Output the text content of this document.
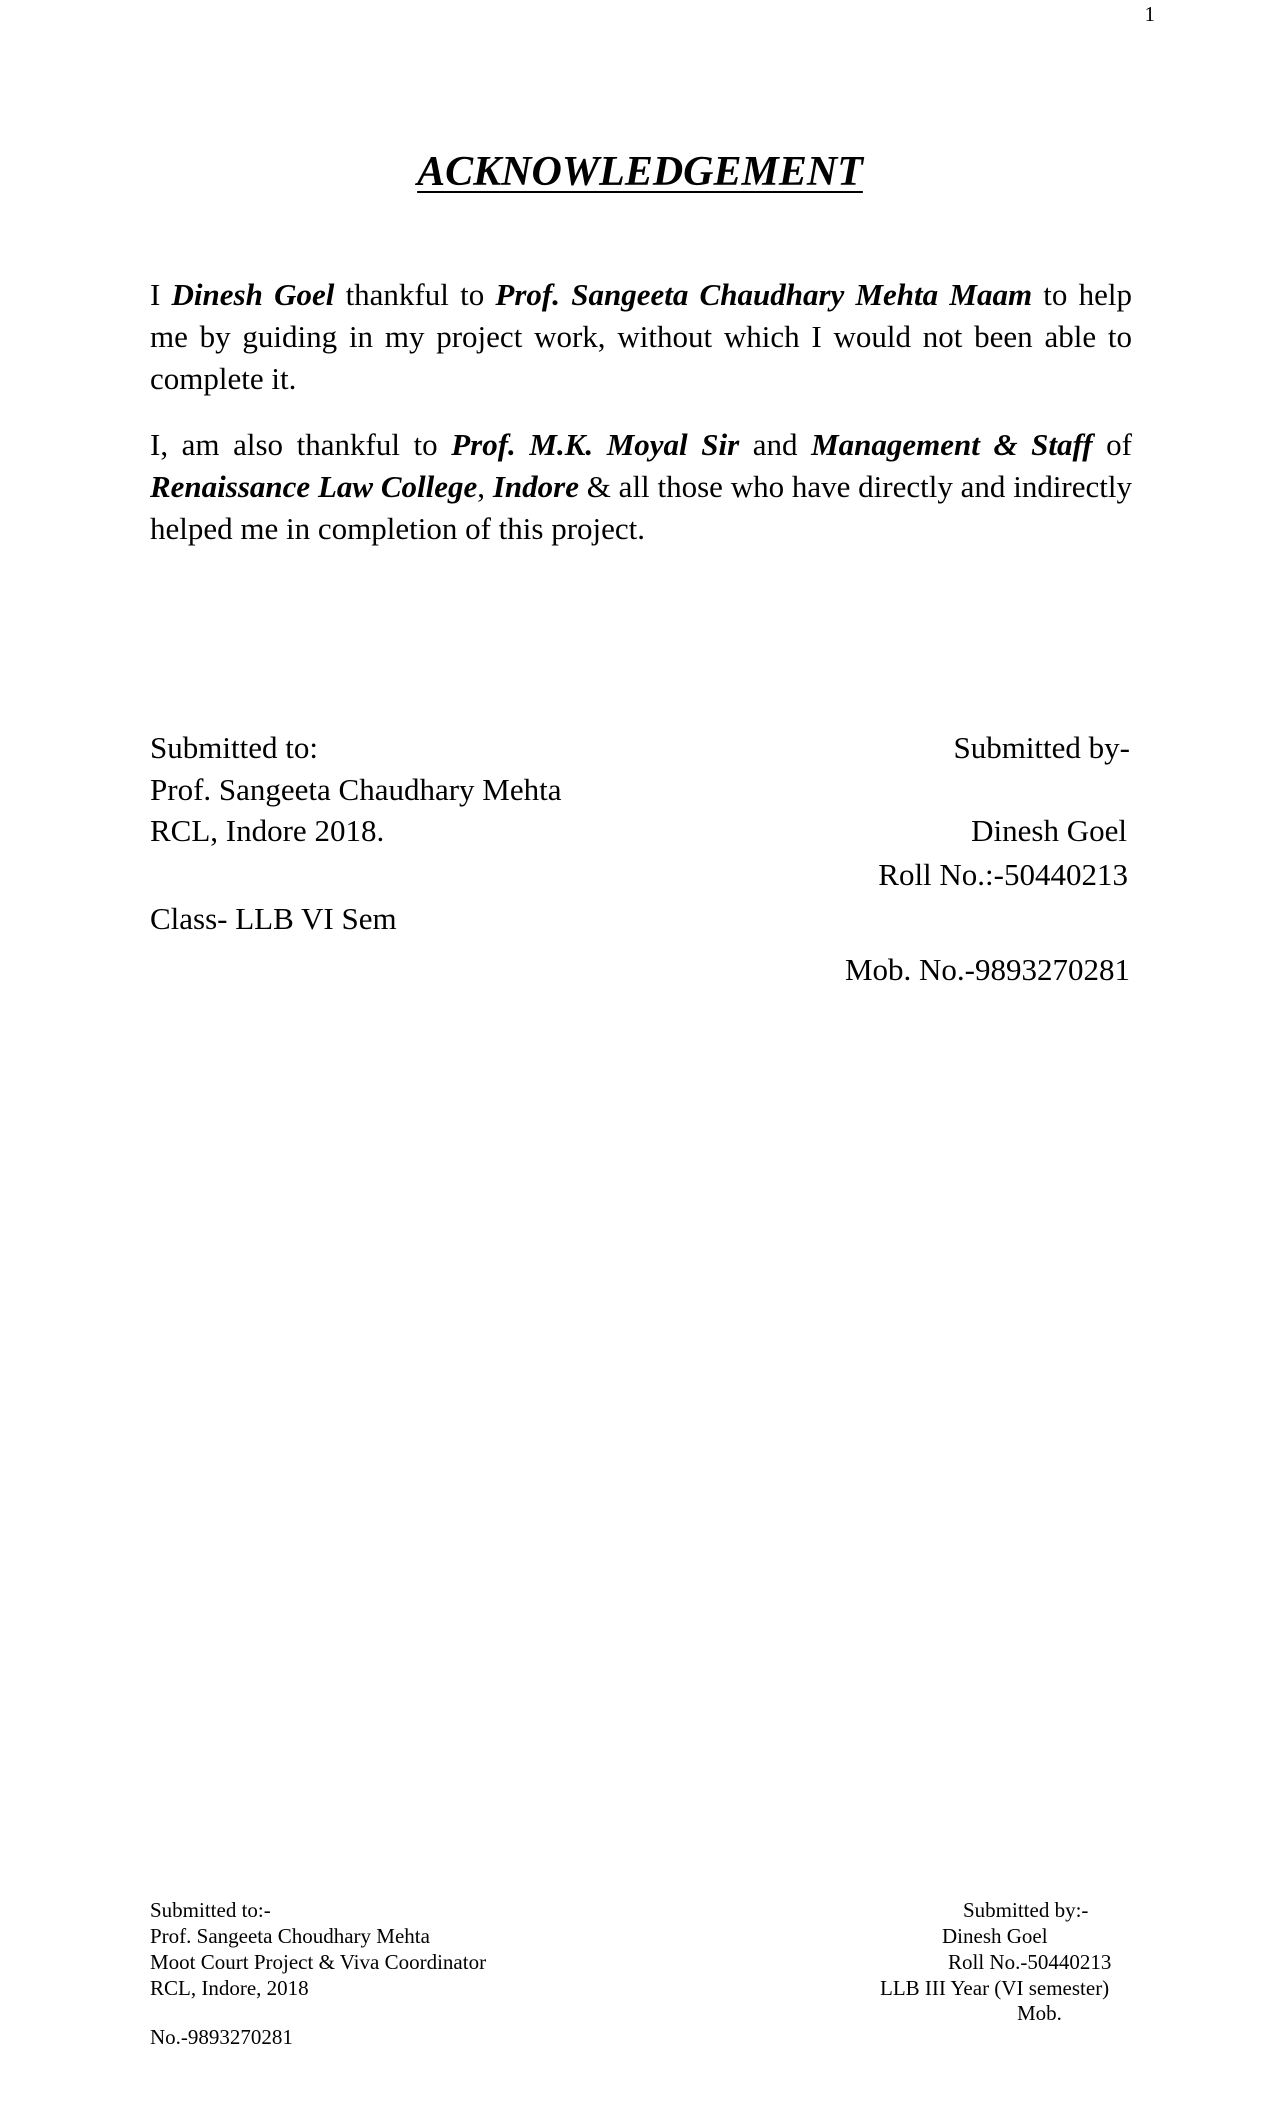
1
ACKNOWLEDGEMENT
I Dinesh Goel thankful to Prof. Sangeeta Chaudhary Mehta Maam to help me by guiding in my project work, without which I would not been able to complete it.
I, am also thankful to Prof. M.K. Moyal Sir and Management & Staff of Renaissance Law College, Indore & all those who have directly and indirectly helped me in completion of this project.
Submitted to:
Prof. Sangeeta Chaudhary Mehta
RCL, Indore 2018.
Class- LLB VI Sem
Submitted by-
Dinesh Goel
Roll No.:-50440213
Mob. No.-9893270281
Submitted to:-
Prof. Sangeeta Choudhary Mehta
Moot Court Project & Viva Coordinator
RCL, Indore, 2018
No.-9893270281
Submitted by:-
Dinesh Goel
Roll No.-50440213
LLB III Year (VI semester)
Mob.
